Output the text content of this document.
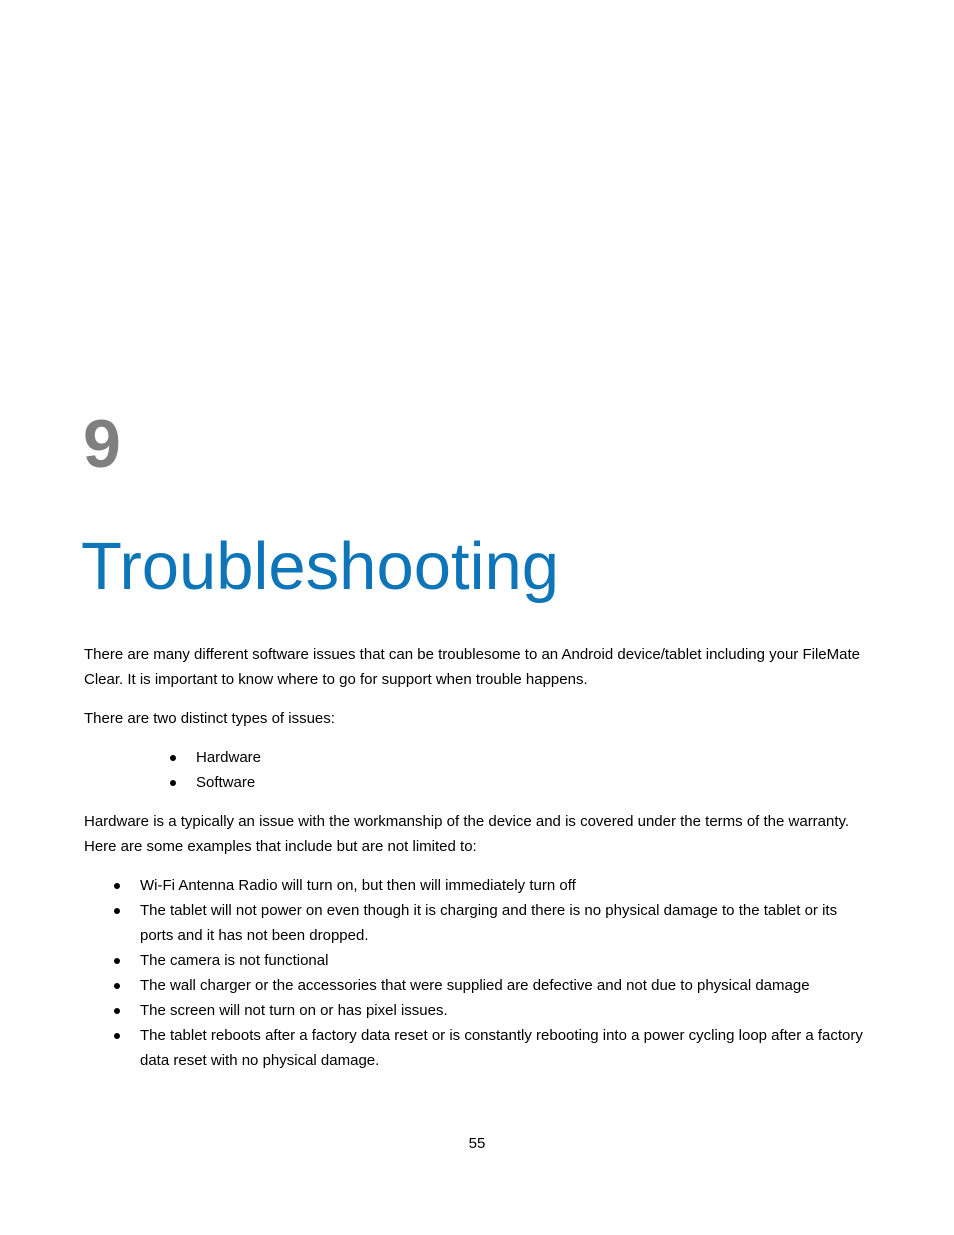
9
Troubleshooting

There are many different software issues that can be troublesome to an Android device/tablet including your FileMate Clear. It is important to know where to go for support when trouble happens.

There are two distinct types of issues:

Hardware
Software

Hardware is a typically an issue with the workmanship of the device and is covered under the terms of the warranty. Here are some examples that include but are not limited to:

Wi-Fi Antenna Radio will turn on, but then will immediately turn off
The tablet will not power on even though it is charging and there is no physical damage to the tablet or its ports and it has not been dropped.
The camera is not functional
The wall charger or the accessories that were supplied are defective and not due to physical damage
The screen will not turn on or has pixel issues.
The tablet reboots after a factory data reset or is constantly rebooting into a power cycling loop after a factory data reset with no physical damage.
55
